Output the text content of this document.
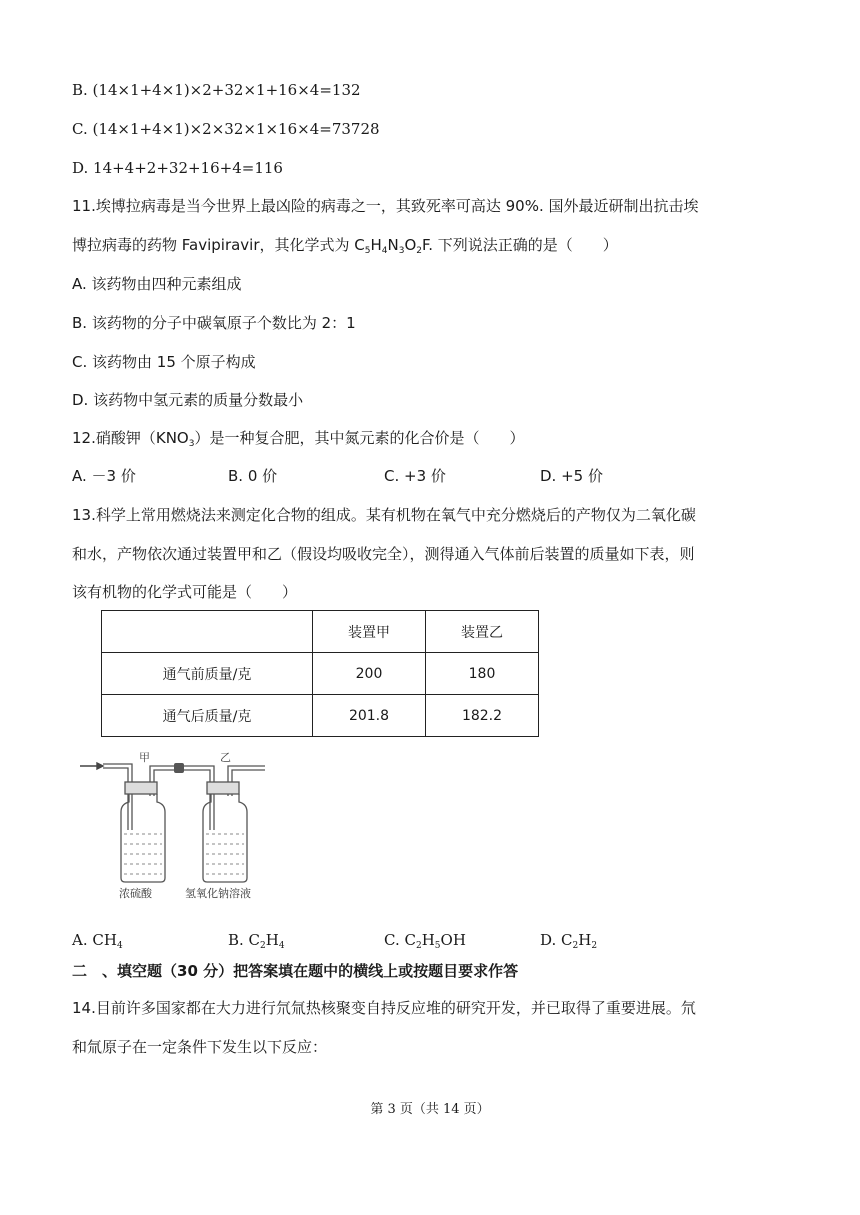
B. (14×1+4×1)×2+32×1+16×4=132
C. (14×1+4×1)×2×32×1×16×4=73728
D. 14+4+2+32+16+4=116
11.埃博拉病毒是当今世界上最凶险的病毒之一，其致死率可高达 90%. 国外最近研制出抗击埃
博拉病毒的药物 Favipiravir，其化学式为 $C_5H_4N_3O_2F$. 下列说法正确的是（　　）
A. 该药物由四种元素组成
B. 该药物的分子中碳氧原子个数比为 2：1
C. 该药物由 15 个原子构成
D. 该药物中氢元素的质量分数最小
12.硝酸钾$(KNO_3)$是一种复合肥，其中氮元素的化合价是（　　）
A. －3 价	B. 0 价	C. +3 价	D. +5 价
13.科学上常用燃烧法来测定化合物的组成。某有机物在氧气中充分燃烧后的产物仅为二氧化碳
和水，产物依次通过装置甲和乙（假设均吸收完全），测得通入气体前后装置的质量如下表，则
该有机物的化学式可能是（　　）
	装置甲	装置乙
通气前质量/克	200	180
通气后质量/克	201.8	182.2
甲	乙
浓硫酸	氢氧化钠溶液
A. $CH_4$	B. $C_2H_4$	C. $C_2H_5OH$	D. $C_2H_2$
二　、填空题（30 分）把答案填在题中的横线上或按题目要求作答
14.目前许多国家都在大力进行氘氚热核聚变自持反应堆的研究开发，并已取得了重要进展。氘
和氚原子在一定条件下发生以下反应：
第 3 页（共 14 页）
